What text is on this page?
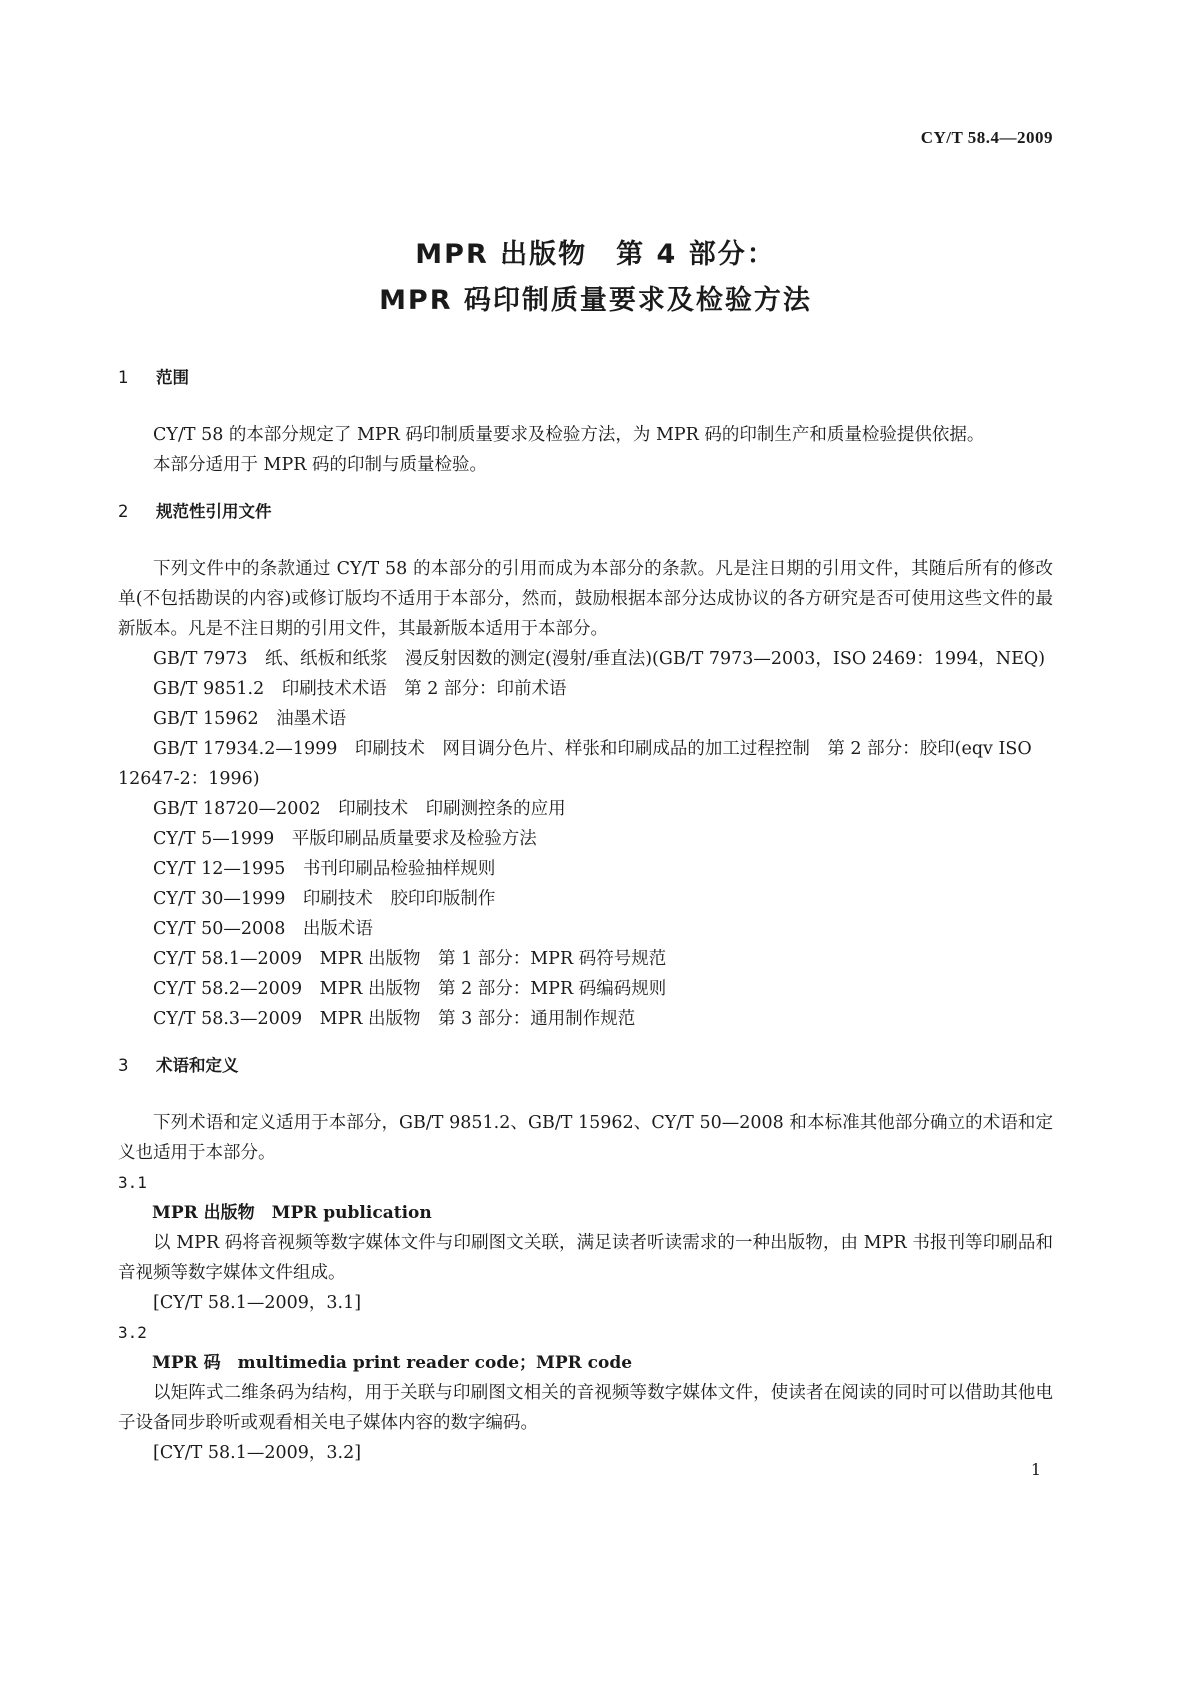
CY/T 58.4—2009
MPR 出版物　第 4 部分：
MPR 码印制质量要求及检验方法
1	范围

CY/T 58 的本部分规定了 MPR 码印制质量要求及检验方法，为 MPR 码的印制生产和质量检验提供依据。

本部分适用于 MPR 码的印制与质量检验。

2	规范性引用文件

下列文件中的条款通过 CY/T 58 的本部分的引用而成为本部分的条款。凡是注日期的引用文件，其随后所有的修改单(不包括勘误的内容)或修订版均不适用于本部分，然而，鼓励根据本部分达成协议的各方研究是否可使用这些文件的最新版本。凡是不注日期的引用文件，其最新版本适用于本部分。

GB/T 7973　纸、纸板和纸浆　漫反射因数的测定(漫射/垂直法)(GB/T 7973—2003，ISO 2469：1994，NEQ)

GB/T 9851.2　印刷技术术语　第 2 部分：印前术语

GB/T 15962　油墨术语

GB/T 17934.2—1999　印刷技术　网目调分色片、样张和印刷成品的加工过程控制　第 2 部分：胶印(eqv ISO 12647-2：1996)

GB/T 18720—2002　印刷技术　印刷测控条的应用

CY/T 5—1999　平版印刷品质量要求及检验方法

CY/T 12—1995　书刊印刷品检验抽样规则

CY/T 30—1999　印刷技术　胶印印版制作

CY/T 50—2008　出版术语

CY/T 58.1—2009　MPR 出版物　第 1 部分：MPR 码符号规范

CY/T 58.2—2009　MPR 出版物　第 2 部分：MPR 码编码规则

CY/T 58.3—2009　MPR 出版物　第 3 部分：通用制作规范

3	术语和定义

下列术语和定义适用于本部分，GB/T 9851.2、GB/T 15962、CY/T 50—2008 和本标准其他部分确立的术语和定义也适用于本部分。

3.1

MPR 出版物　MPR publication

以 MPR 码将音视频等数字媒体文件与印刷图文关联，满足读者听读需求的一种出版物，由 MPR 书报刊等印刷品和音视频等数字媒体文件组成。

[CY/T 58.1—2009，3.1]

3.2

MPR 码　multimedia print reader code；MPR code

以矩阵式二维条码为结构，用于关联与印刷图文相关的音视频等数字媒体文件，使读者在阅读的同时可以借助其他电子设备同步聆听或观看相关电子媒体内容的数字编码。

[CY/T 58.1—2009，3.2]

1
